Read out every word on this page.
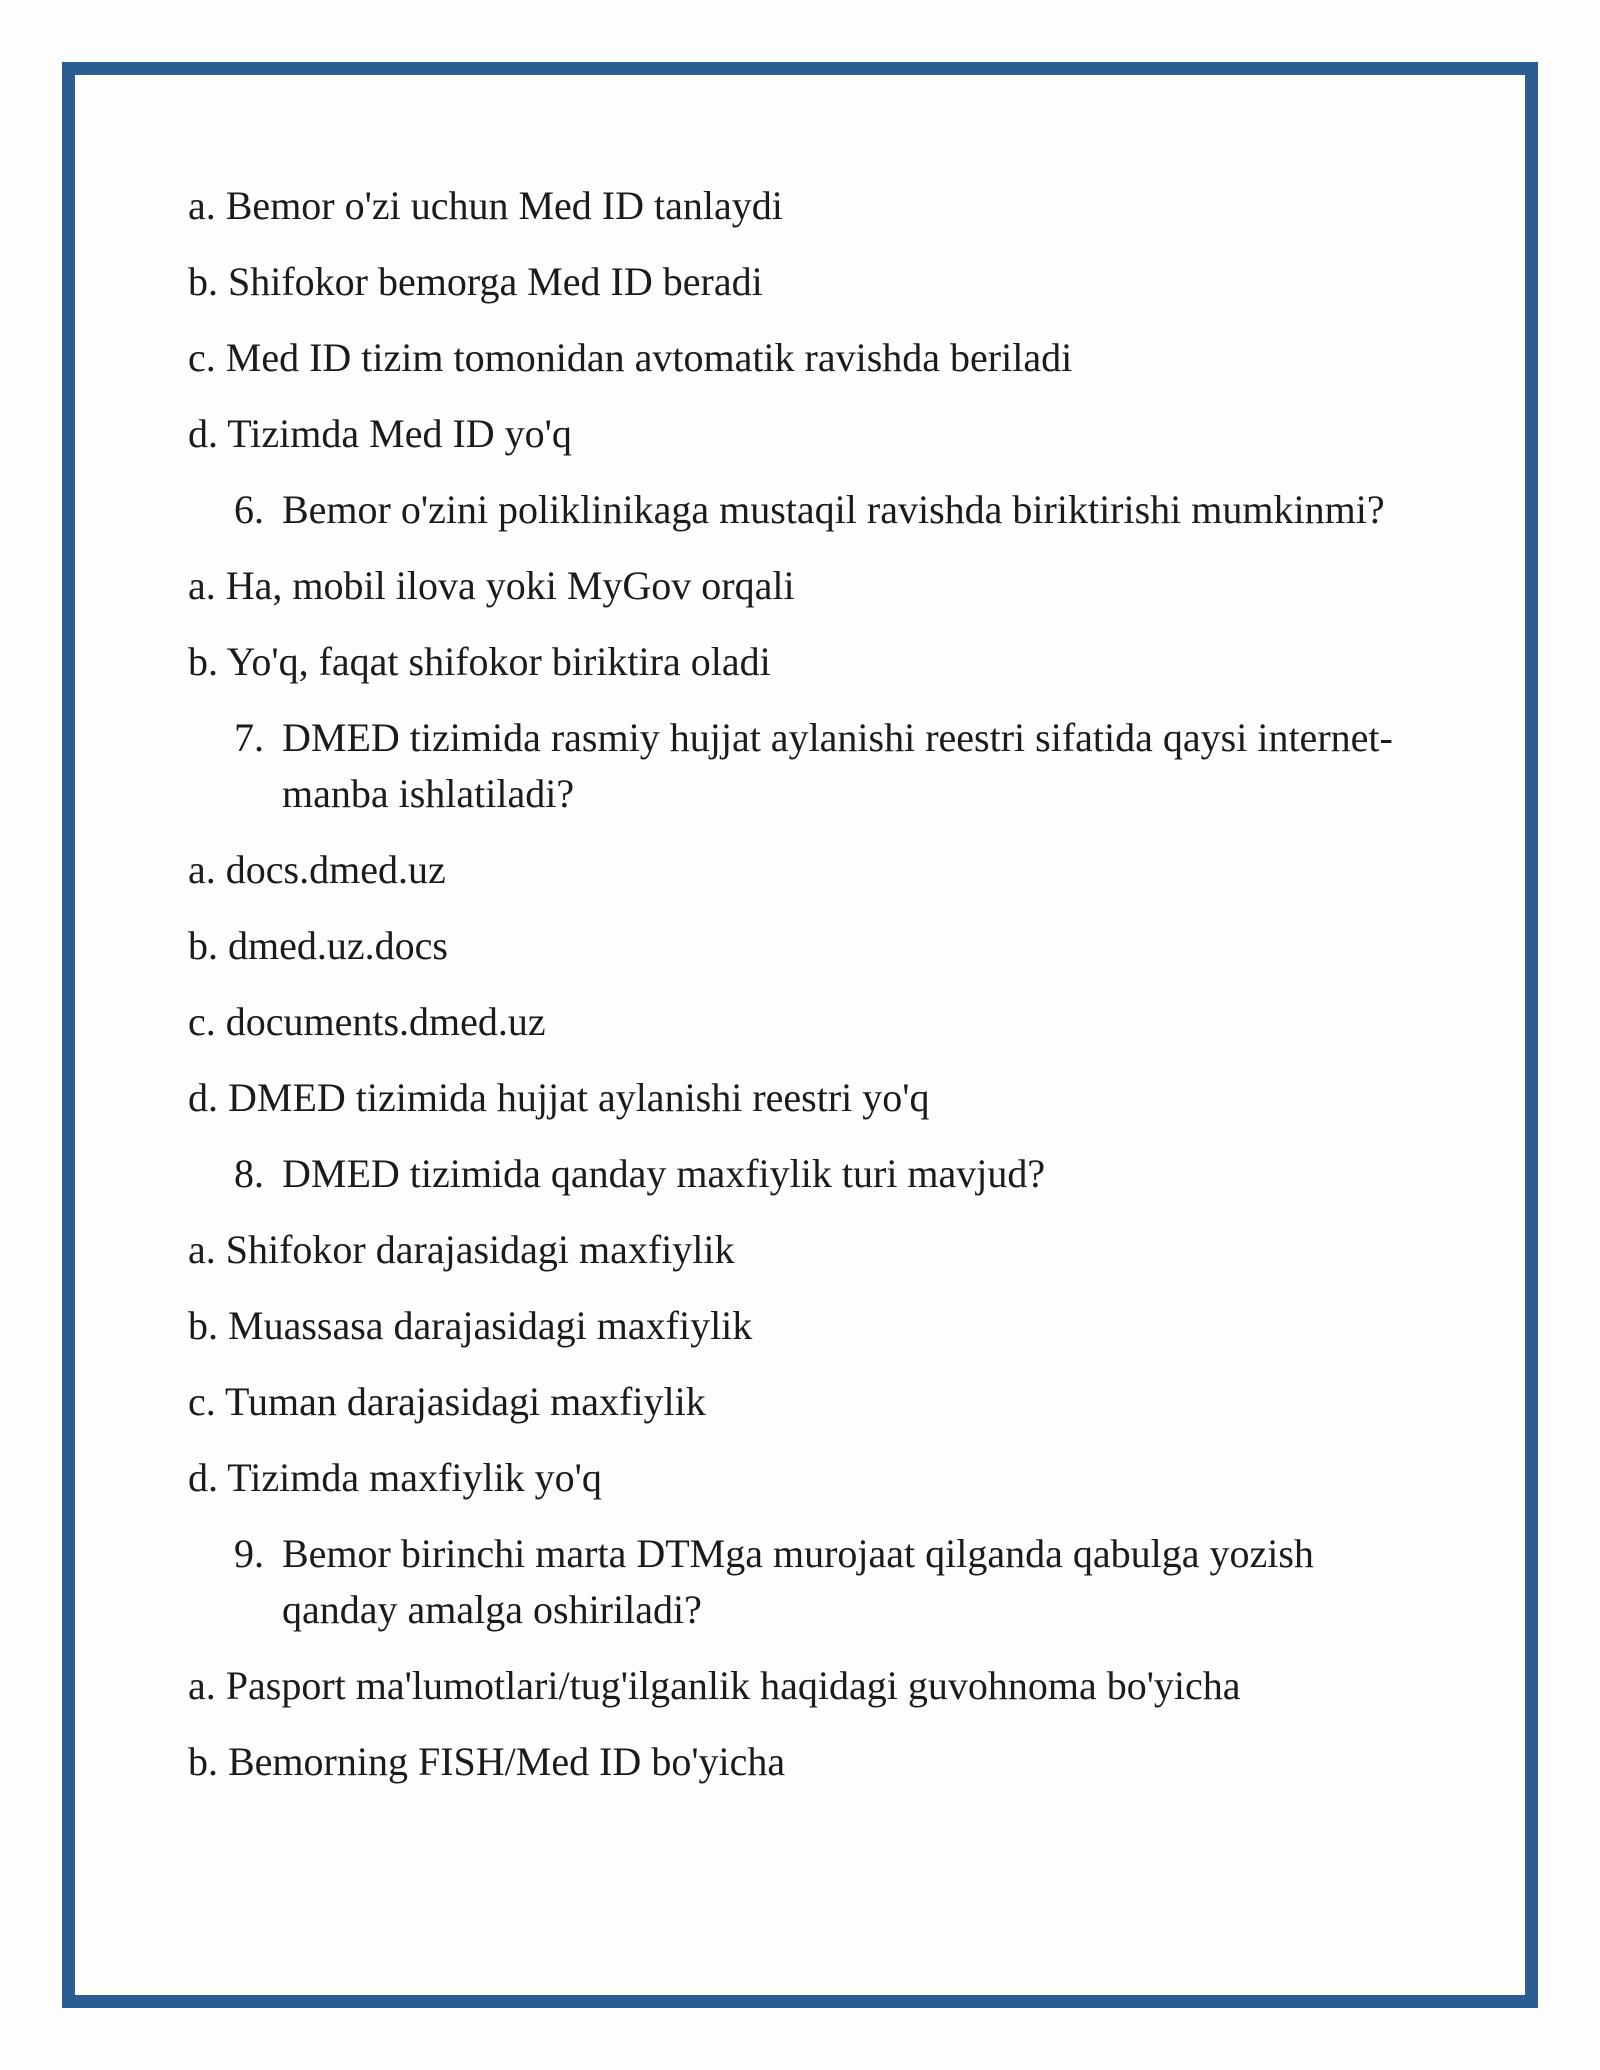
a. Bemor o'zi uchun Med ID tanlaydi
b. Shifokor bemorga Med ID beradi
c. Med ID tizim tomonidan avtomatik ravishda beriladi
d. Tizimda Med ID yo'q
6. Bemor o'zini poliklinikaga mustaqil ravishda biriktirishi mumkinmi?
a. Ha, mobil ilova yoki MyGov orqali
b. Yo'q, faqat shifokor biriktira oladi
7. DMED tizimida rasmiy hujjat aylanishi reestri sifatida qaysi internet-manba ishlatiladi?
a. docs.dmed.uz
b. dmed.uz.docs
c. documents.dmed.uz
d. DMED tizimida hujjat aylanishi reestri yo'q
8. DMED tizimida qanday maxfiylik turi mavjud?
a. Shifokor darajasidagi maxfiylik
b. Muassasa darajasidagi maxfiylik
c. Tuman darajasidagi maxfiylik
d. Tizimda maxfiylik yo'q
9. Bemor birinchi marta DTMga murojaat qilganda qabulga yozish qanday amalga oshiriladi?
a. Pasport ma'lumotlari/tug'ilganlik haqidagi guvohnoma bo'yicha
b. Bemorning FISH/Med ID bo'yicha
